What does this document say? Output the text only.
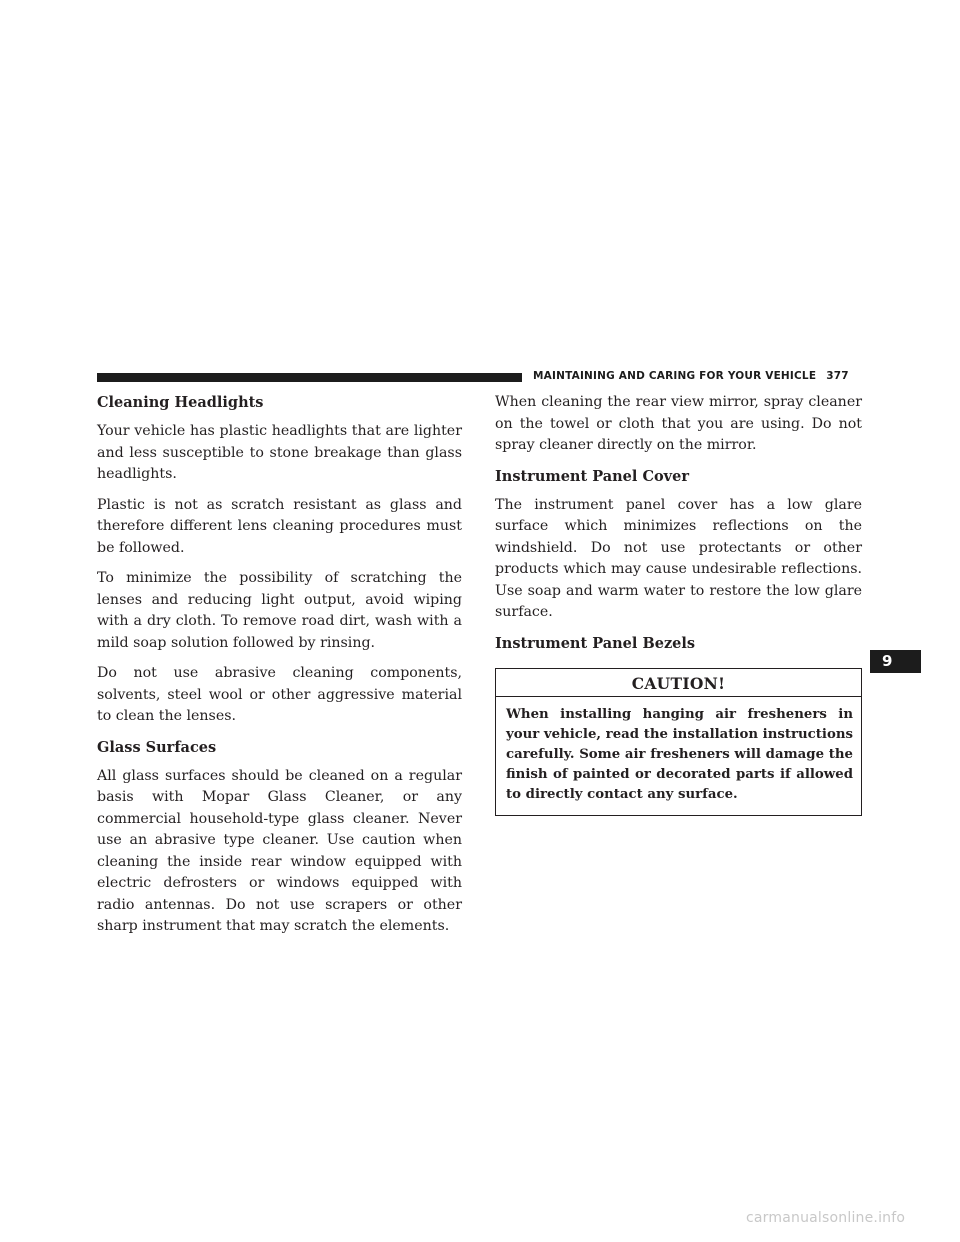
MAINTAINING AND CARING FOR YOUR VEHICLE 377
Cleaning Headlights

Your vehicle has plastic headlights that are lighter and less susceptible to stone breakage than glass headlights.

Plastic is not as scratch resistant as glass and therefore different lens cleaning procedures must be followed.

To minimize the possibility of scratching the lenses and reducing light output, avoid wiping with a dry cloth. To remove road dirt, wash with a mild soap solution followed by rinsing.

Do not use abrasive cleaning components, solvents, steel wool or other aggressive material to clean the lenses.

Glass Surfaces

All glass surfaces should be cleaned on a regular basis with Mopar Glass Cleaner, or any commercial household-type glass cleaner. Never use an abrasive type cleaner. Use caution when cleaning the inside rear window equipped with electric defrosters or windows equipped with radio antennas. Do not use scrapers or other sharp instrument that may scratch the elements.

When cleaning the rear view mirror, spray cleaner on the towel or cloth that you are using. Do not spray cleaner directly on the mirror.

Instrument Panel Cover

The instrument panel cover has a low glare surface which minimizes reflections on the windshield. Do not use protectants or other products which may cause undesirable reflections. Use soap and warm water to restore the low glare surface.

Instrument Panel Bezels
CAUTION!
When installing hanging air fresheners in your vehicle, read the installation instructions carefully. Some air fresheners will damage the finish of painted or decorated parts if allowed to directly contact any surface.
9
carmanualsonline.info
